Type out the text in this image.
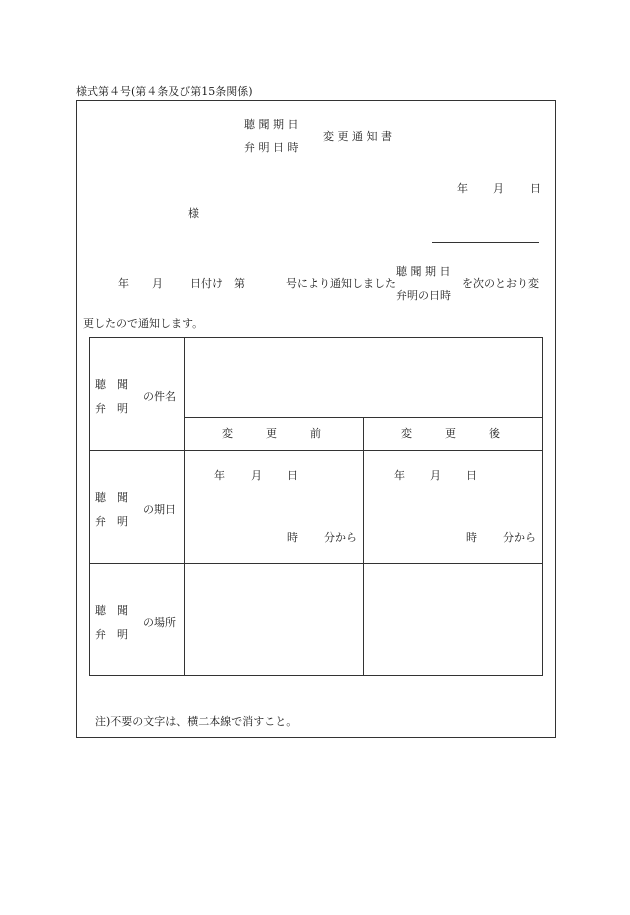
様式第４号(第４条及び第15条関係)
聴 聞 期 日
弁 明 日 時
変 更 通 知 書
年 月 日
様
年 月 日付け　第	号により通知しました
聴 聞 期 日
弁明の日時
を次のとおり変
更したので通知します。
聴　聞
弁　明
の件名
変　　　更　　　前	変　　　更　　　後
聴　聞
弁　明
の期日
年 月 日
時 分から
年 月 日
時 分から
聴　聞
弁　明
の場所
注)不要の文字は、横二本線で消すこと。
